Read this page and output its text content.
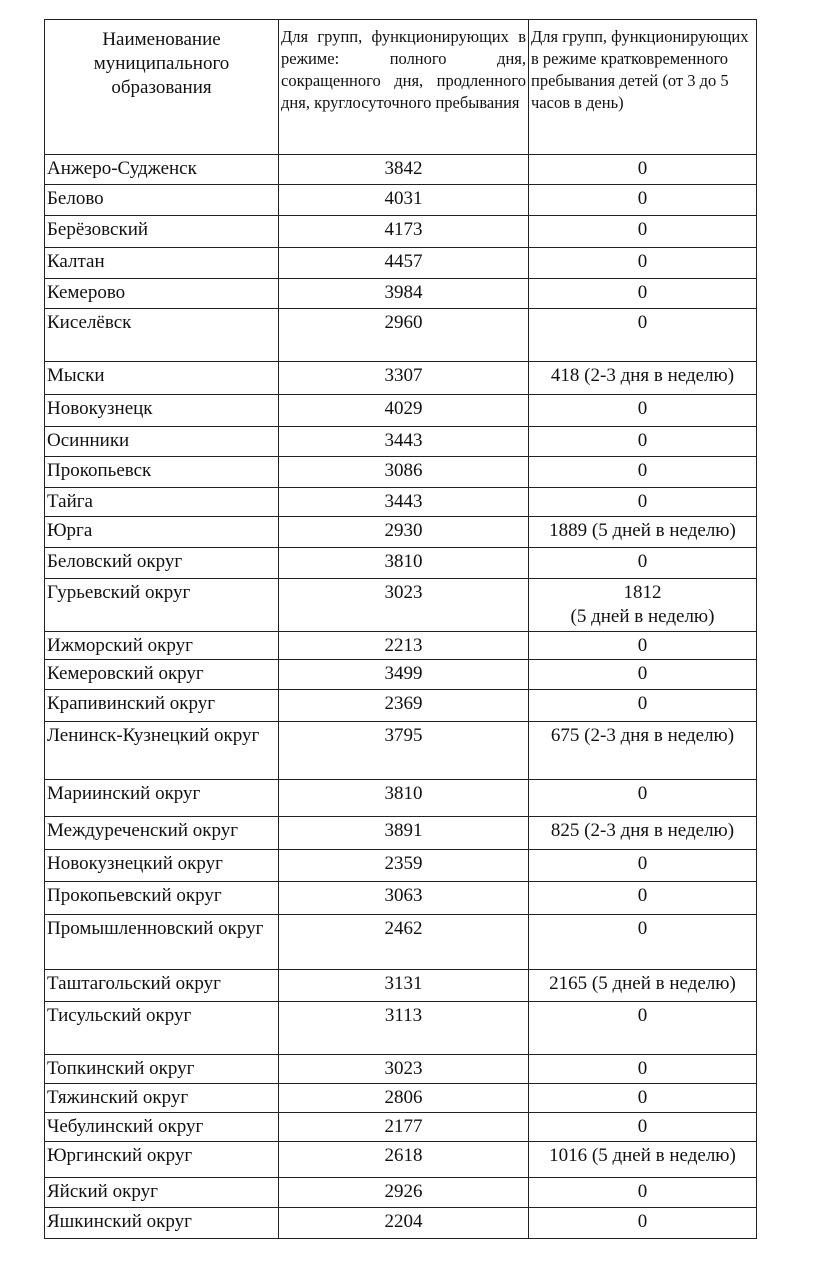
Наименование муниципального образования	Для групп, функционирующих в режиме: полного дня, сокращенного дня, продленного дня, круглосуточного пребывания	Для групп, функционирующих в режиме кратковременного пребывания детей (от 3 до 5 часов в день)
Анжеро-Судженск	3842	0
Белово	4031	0
Берёзовский	4173	0
Калтан	4457	0
Кемерово	3984	0
Киселёвск	2960	0
Мыски	3307	418 (2-3 дня в неделю)
Новокузнецк	4029	0
Осинники	3443	0
Прокопьевск	3086	0
Тайга	3443	0
Юрга	2930	1889 (5 дней в неделю)
Беловский округ	3810	0
Гурьевский округ	3023	1812
(5 дней в неделю)
Ижморский округ	2213	0
Кемеровский округ	3499	0
Крапивинский округ	2369	0
Ленинск-Кузнецкий округ	3795	675 (2-3 дня в неделю)
Мариинский округ	3810	0
Междуреченский округ	3891	825 (2-3 дня в неделю)
Новокузнецкий округ	2359	0
Прокопьевский округ	3063	0
Промышленновский округ	2462	0
Таштагольский округ	3131	2165 (5 дней в неделю)
Тисульский округ	3113	0
Топкинский округ	3023	0
Тяжинский округ	2806	0
Чебулинский округ	2177	0
Юргинский округ	2618	1016 (5 дней в неделю)
Яйский округ	2926	0
Яшкинский округ	2204	0
